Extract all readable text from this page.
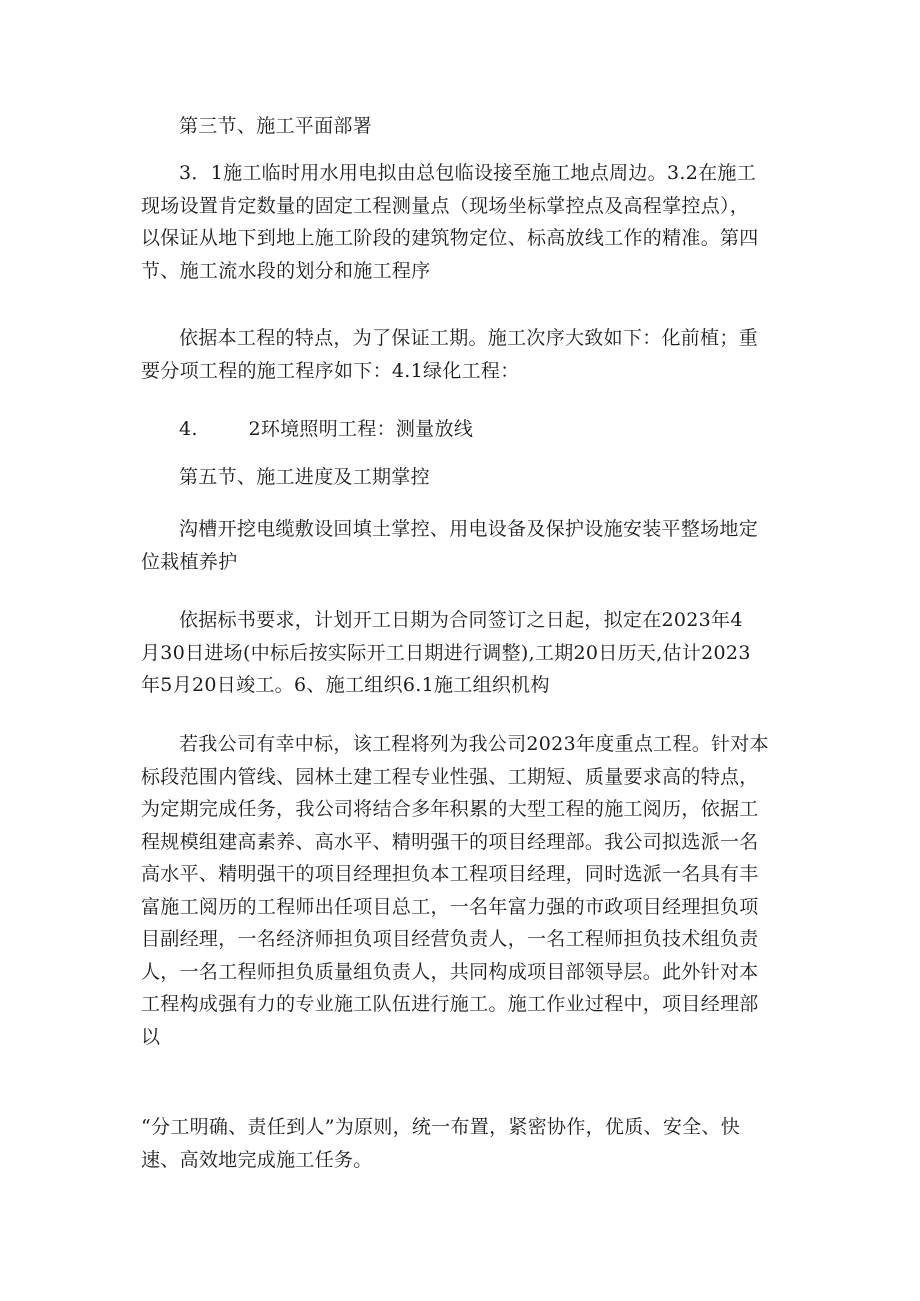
第三节、施工平面部署
3．1施工临时用水用电拟由总包临设接至施工地点周边。3.2在施工
现场设置肯定数量的固定工程测量点（现场坐标掌控点及高程掌控点），
以保证从地下到地上施工阶段的建筑物定位、标高放线工作的精准。第四
节、施工流水段的划分和施工程序
依据本工程的特点，为了保证工期。施工次序大致如下：化前植；重
要分项工程的施工程序如下：4.1绿化工程：
4.        2环境照明工程：测量放线
第五节、施工进度及工期掌控
沟槽开挖电缆敷设回填土掌控、用电设备及保护设施安装平整场地定
位栽植养护
依据标书要求，计划开工日期为合同签订之日起，拟定在2023年4
月30日进场(中标后按实际开工日期进行调整),工期20日历天,估计2023
年5月20日竣工。6、施工组织6.1施工组织机构
若我公司有幸中标，该工程将列为我公司2023年度重点工程。针对本
标段范围内管线、园林土建工程专业性强、工期短、质量要求高的特点，
为定期完成任务，我公司将结合多年积累的大型工程的施工阅历，依据工
程规模组建高素养、高水平、精明强干的项目经理部。我公司拟选派一名
高水平、精明强干的项目经理担负本工程项目经理，同时选派一名具有丰
富施工阅历的工程师出任项目总工，一名年富力强的市政项目经理担负项
目副经理，一名经济师担负项目经营负责人，一名工程师担负技术组负责
人，一名工程师担负质量组负责人，共同构成项目部领导层。此外针对本
工程构成强有力的专业施工队伍进行施工。施工作业过程中，项目经理部
以
“分工明确、责任到人”为原则，统一布置，紧密协作，优质、安全、快
速、高效地完成施工任务。
